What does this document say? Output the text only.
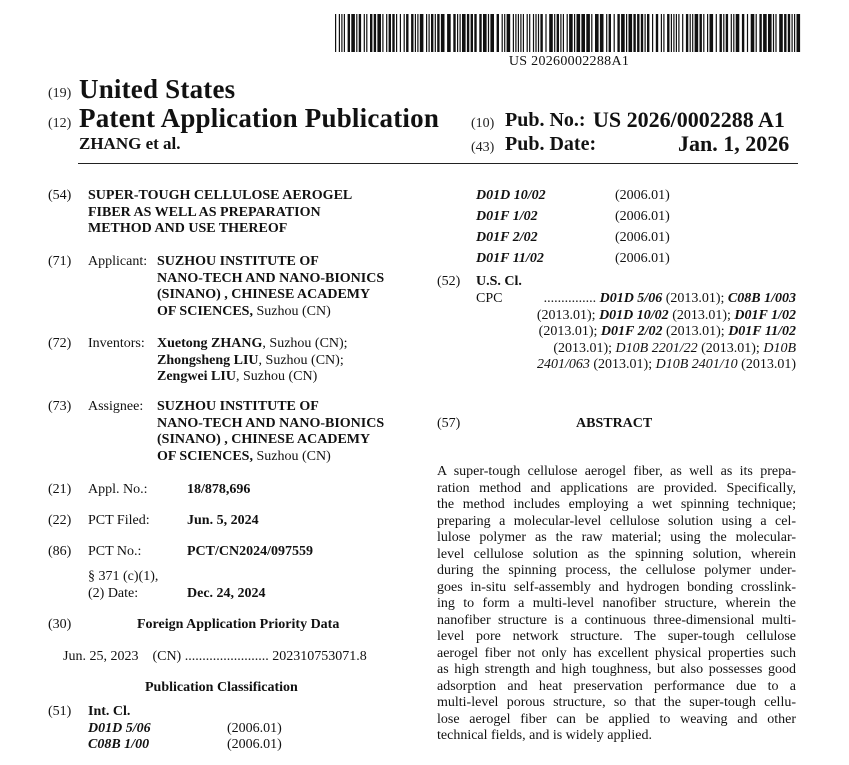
US 20260002288A1
(19) United States
(12) Patent Application Publication
ZHANG et al.
(10) Pub. No.: US 2026/0002288 A1
(43) Pub. Date:	Jan. 1, 2026
(54) SUPER-TOUGH CELLULOSE AEROGEL
FIBER AS WELL AS PREPARATION
METHOD AND USE THEREOF
(71) Applicant: SUZHOU INSTITUTE OF
NANO-TECH AND NANO-BIONICS
(SINANO) , CHINESE ACADEMY
OF SCIENCES, Suzhou (CN)
(72) Inventors: Xuetong ZHANG, Suzhou (CN);
Zhongsheng LIU, Suzhou (CN);
Zengwei LIU, Suzhou (CN)
(73) Assignee: SUZHOU INSTITUTE OF
NANO-TECH AND NANO-BIONICS
(SINANO) , CHINESE ACADEMY
OF SCIENCES, Suzhou (CN)
(21) Appl. No.:	18/878,696
(22) PCT Filed:	Jun. 5, 2024
(86) PCT No.:	PCT/CN2024/097559
§ 371 (c)(1),
(2) Date:	Dec. 24, 2024
(30)	Foreign Application Priority Data
Jun. 25, 2023    (CN) ........................ 202310753071.8
Publication Classification
(51) Int. Cl.
D01D 5/06	(2006.01)
C08B 1/00	(2006.01)
D01D 10/02	(2006.01)
D01F 1/02	(2006.01)
D01F 2/02	(2006.01)
D01F 11/02	(2006.01)
(52) U.S. Cl.
CPC	............... D01D 5/06 (2013.01); C08B 1/003
(2013.01); D01D 10/02 (2013.01); D01F 1/02
(2013.01); D01F 2/02 (2013.01); D01F 11/02
(2013.01); D10B 2201/22 (2013.01); D10B
2401/063 (2013.01); D10B 2401/10 (2013.01)
(57)	ABSTRACT
A super-tough cellulose aerogel fiber, as well as its prepa-
ration method and applications are provided. Specifically,
the method includes employing a wet spinning technique;
preparing a molecular-level cellulose solution using a cel-
lulose polymer as the raw material; using the molecular-
level cellulose solution as the spinning solution, wherein
during the spinning process, the cellulose polymer under-
goes in-situ self-assembly and hydrogen bonding crosslink-
ing to form a multi-level nanofiber structure, wherein the
nanofiber structure is a continuous three-dimensional multi-
level pore network structure. The super-tough cellulose
aerogel fiber not only has excellent physical properties such
as high strength and high toughness, but also possesses good
adsorption and heat preservation performance due to a
multi-level porous structure, so that the super-tough cellu-
lose aerogel fiber can be applied to weaving and other
technical fields, and is widely applied.
